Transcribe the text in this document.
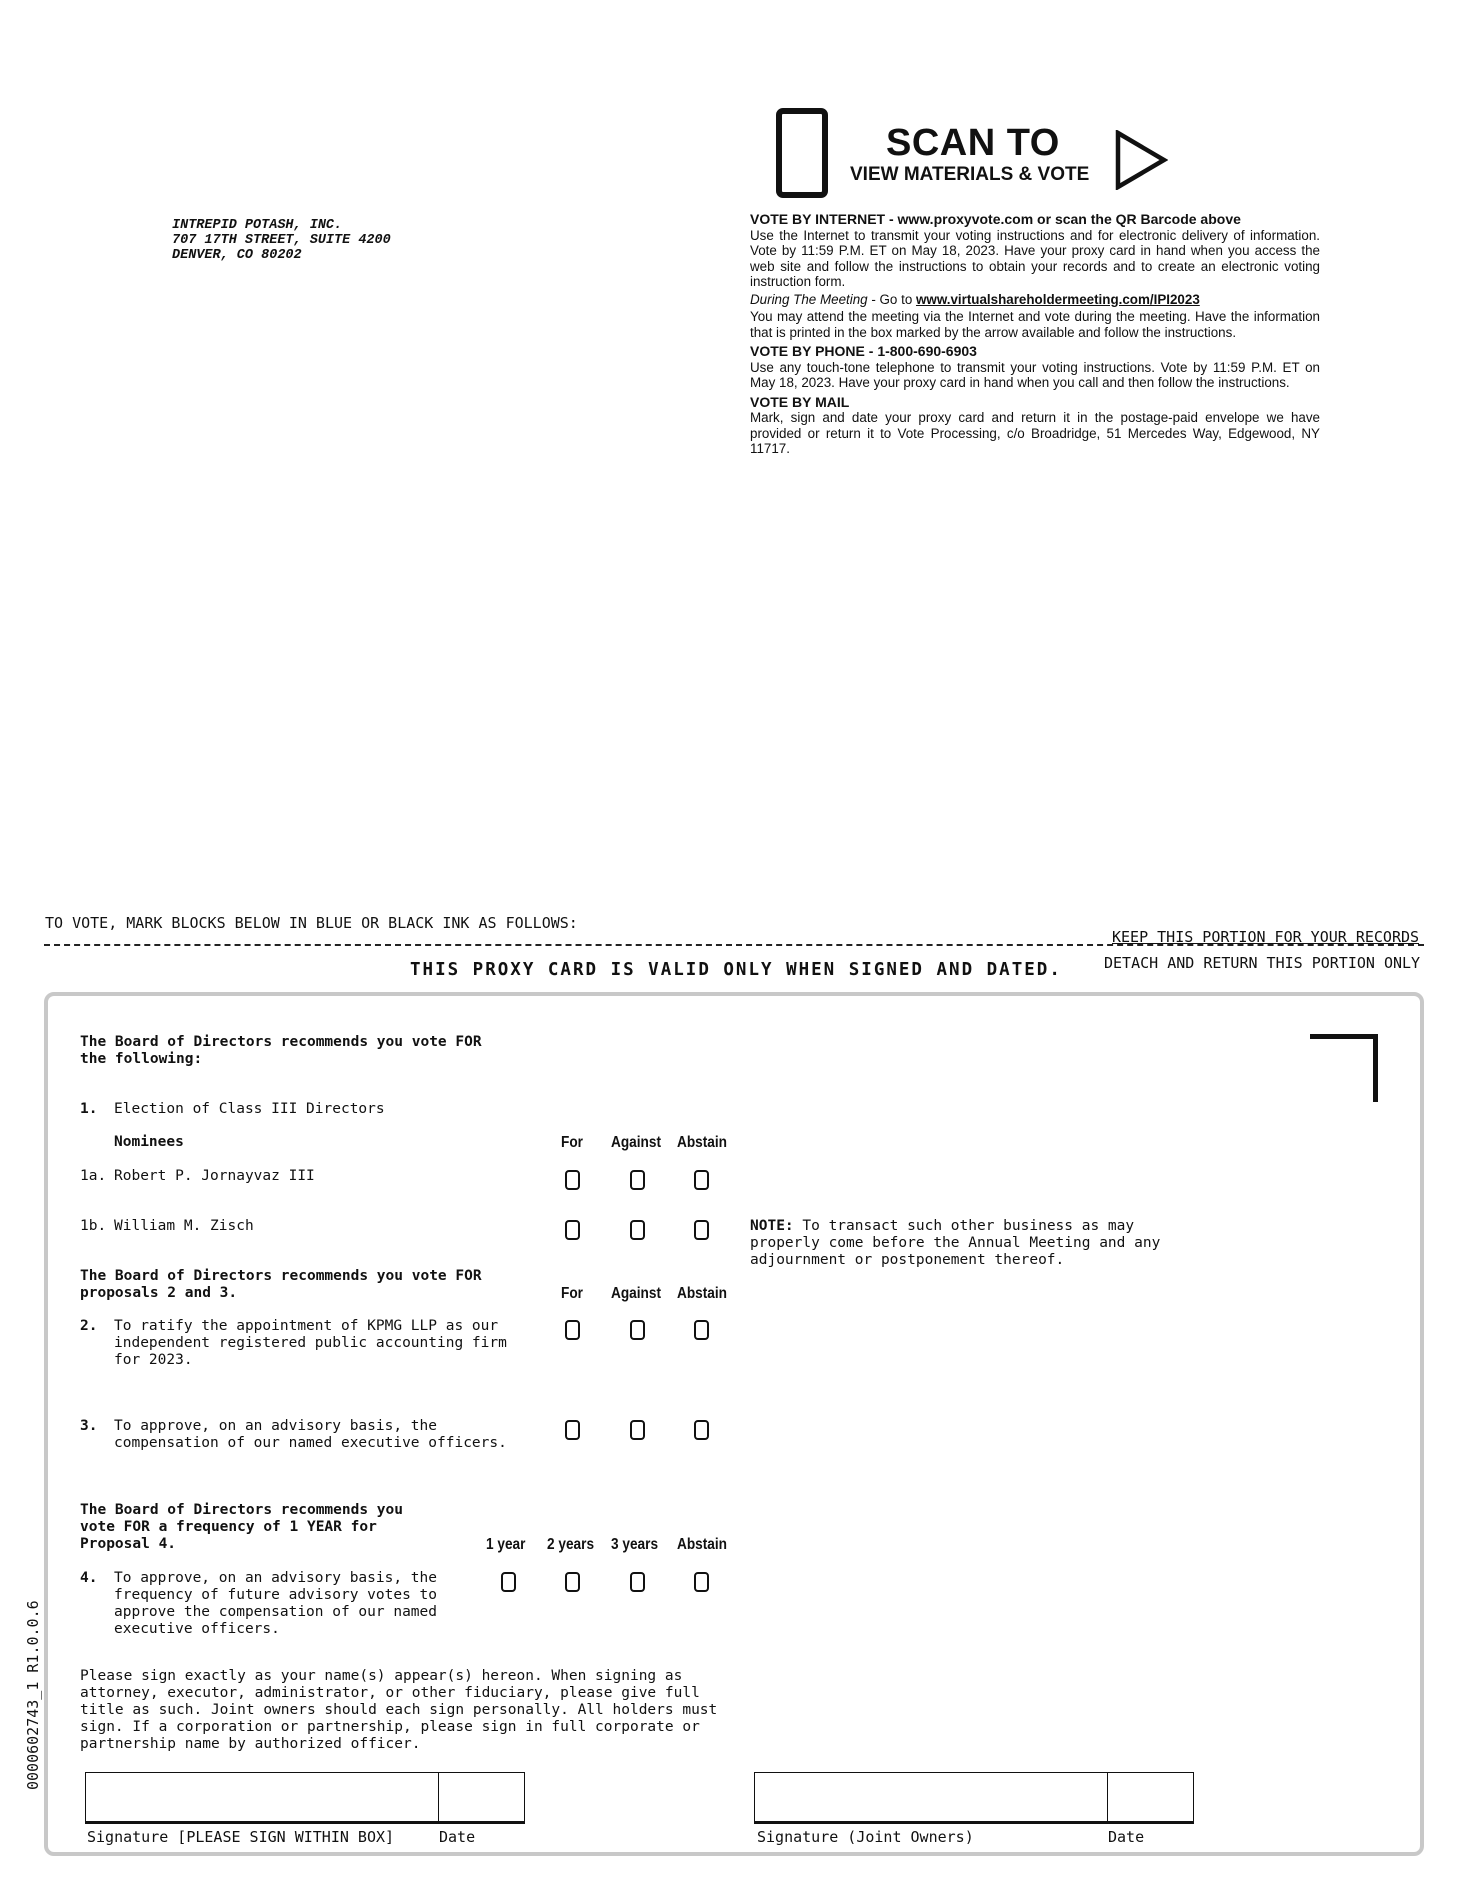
INTREPID POTASH, INC.
707 17TH STREET, SUITE 4200
DENVER, CO 80202
SCAN TO
VIEW MATERIALS & VOTE
VOTE BY INTERNET - www.proxyvote.com or scan the QR Barcode above

Use the Internet to transmit your voting instructions and for electronic delivery of information. Vote by 11:59 P.M. ET on May 18, 2023. Have your proxy card in hand when you access the web site and follow the instructions to obtain your records and to create an electronic voting instruction form.

During The Meeting - Go to www.virtualshareholdermeeting.com/IPI2023

You may attend the meeting via the Internet and vote during the meeting. Have the information that is printed in the box marked by the arrow available and follow the instructions.

VOTE BY PHONE - 1-800-690-6903

Use any touch-tone telephone to transmit your voting instructions. Vote by 11:59 P.M. ET on May 18, 2023. Have your proxy card in hand when you call and then follow the instructions.

VOTE BY MAIL

Mark, sign and date your proxy card and return it in the postage-paid envelope we have provided or return it to Vote Processing, c/o Broadridge, 51 Mercedes Way, Edgewood, NY 11717.

TO VOTE, MARK BLOCKS BELOW IN BLUE OR BLACK INK AS FOLLOWS:
KEEP THIS PORTION FOR YOUR RECORDS
DETACH AND RETURN THIS PORTION ONLY
THIS PROXY CARD IS VALID ONLY WHEN SIGNED AND DATED.
The Board of Directors recommends you vote FOR
the following:
1. Election of Class III Directors
Nominees	For Against Abstain
1a. Robert P. Jornayvaz III
1b. William M. Zisch	NOTE: To transact such other business as may
properly come before the Annual Meeting and any
adjournment or postponement thereof.
The Board of Directors recommends you vote FOR
proposals 2 and 3.	For Against Abstain
2. To ratify the appointment of KPMG LLP as our
independent registered public accounting firm
for 2023.
3. To approve, on an advisory basis, the
compensation of our named executive officers.
The Board of Directors recommends you
vote FOR a frequency of 1 YEAR for
Proposal 4.	1 year 2 years 3 years Abstain
4. To approve, on an advisory basis, the
frequency of future advisory votes to
approve the compensation of our named
executive officers.
Please sign exactly as your name(s) appear(s) hereon. When signing as
attorney, executor, administrator, or other fiduciary, please give full
title as such. Joint owners should each sign personally. All holders must
sign. If a corporation or partnership, please sign in full corporate or
partnership name by authorized officer.
Signature [PLEASE SIGN WITHIN BOX]	Date	Signature (Joint Owners)	Date
0000602743_1 R1.0.0.6
